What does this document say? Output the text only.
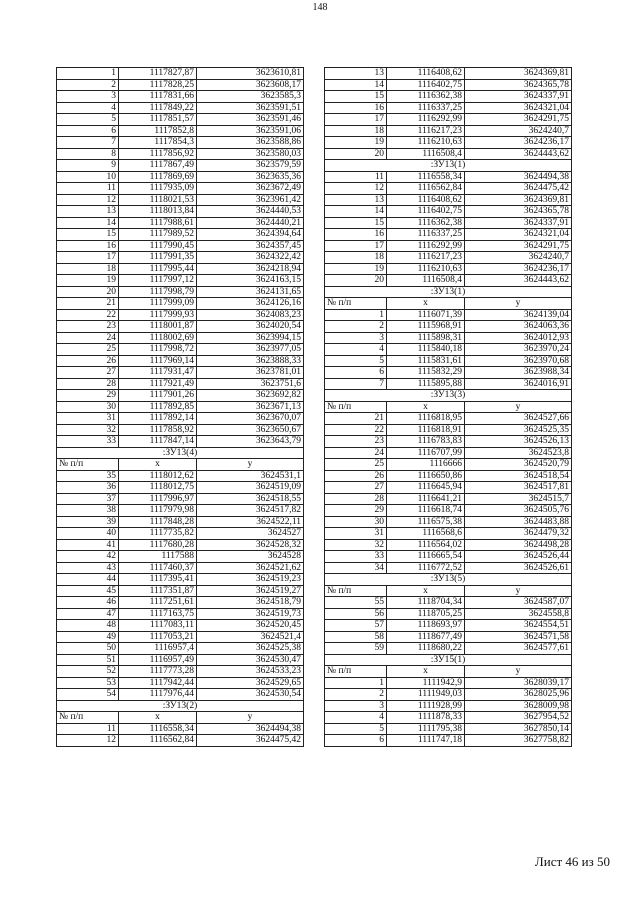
148
1	1117827,87	3623610,81
2	1117828,25	3623608,17
3	1117831,66	3623585,3
4	1117849,22	3623591,51
5	1117851,57	3623591,46
6	1117852,8	3623591,06
7	1117854,3	3623588,86
8	1117856,92	3623580,03
9	1117867,49	3623579,59
10	1117869,69	3623635,36
11	1117935,09	3623672,49
12	1118021,53	3623961,42
13	1118013,84	3624440,53
14	1117988,61	3624440,21
15	1117989,52	3624394,64
16	1117990,45	3624357,45
17	1117991,35	3624322,42
18	1117995,44	3624218,94
19	1117997,12	3624163,15
20	1117998,79	3624131,65
21	1117999,09	3624126,16
22	1117999,93	3624083,23
23	1118001,87	3624020,54
24	1118002,69	3623994,15
25	1117998,72	3623977,05
26	1117969,14	3623888,33
27	1117931,47	3623781,01
28	1117921,49	3623751,6
29	1117901,26	3623692,82
30	1117892,85	3623671,13
31	1117892,14	3623670,07
32	1117858,92	3623650,67
33	1117847,14	3623643,79
:ЗУ13(4)		
№ п/п	x	y
35	1118012,62	3624531,1
36	1118012,75	3624519,09
37	1117996,97	3624518,55
38	1117979,98	3624517,82
39	1117848,28	3624522,11
40	1117735,82	3624527
41	1117680,28	3624528,32
42	1117588	3624528
43	1117460,37	3624521,62
44	1117395,41	3624519,23
45	1117351,87	3624519,27
46	1117251,61	3624518,79
47	1117163,75	3624519,73
48	1117083,11	3624520,45
49	1117053,21	3624521,4
50	1116957,4	3624525,38
51	1116957,49	3624530,47
52	1117773,28	3624533,23
53	1117942,44	3624529,65
54	1117976,44	3624530,54
:ЗУ13(2)		
№ п/п	x	y
11	1116558,34	3624494,38
12	1116562,84	3624475,42
13	1116408,62	3624369,81
14	1116402,75	3624365,78
15	1116362,38	3624337,91
16	1116337,25	3624321,04
17	1116292,99	3624291,75
18	1116217,23	3624240,7
19	1116210,63	3624236,17
20	1116508,4	3624443,62
:ЗУ13(1)		
11	1116558,34	3624494,38
12	1116562,84	3624475,42
13	1116408,62	3624369,81
14	1116402,75	3624365,78
15	1116362,38	3624337,91
16	1116337,25	3624321,04
17	1116292,99	3624291,75
18	1116217,23	3624240,7
19	1116210,63	3624236,17
20	1116508,4	3624443,62
:ЗУ13(1)		
№ п/п	x	y
1	1116071,39	3624139,04
2	1115968,91	3624063,36
3	1115898,31	3624012,93
4	1115840,18	3623970,24
5	1115831,61	3623970,68
6	1115832,29	3623988,34
7	1115895,88	3624016,91
:ЗУ13(3)		
№ п/п	x	y
21	1116818,95	3624527,66
22	1116818,91	3624525,35
23	1116783,83	3624526,13
24	1116707,99	3624523,8
25	1116666	3624520,79
26	1116650,86	3624518,54
27	1116645,94	3624517,81
28	1116641,21	3624515,7
29	1116618,74	3624505,76
30	1116575,38	3624483,88
31	1116568,6	3624479,32
32	1116564,02	3624498,28
33	1116665,54	3624526,44
34	1116772,52	3624526,61
:ЗУ13(5)		
№ п/п	x	y
55	1118704,34	3624587,07
56	1118705,25	3624558,8
57	1118693,97	3624554,51
58	1118677,49	3624571,58
59	1118680,22	3624577,61
:ЗУ15(1)		
№ п/п	x	y
1	1111942,9	3628039,17
2	1111949,03	3628025,96
3	1111928,99	3628009,98
4	1111878,33	3627954,52
5	1111795,38	3627850,14
6	1111747,18	3627758,82
Лист 46 из 50
